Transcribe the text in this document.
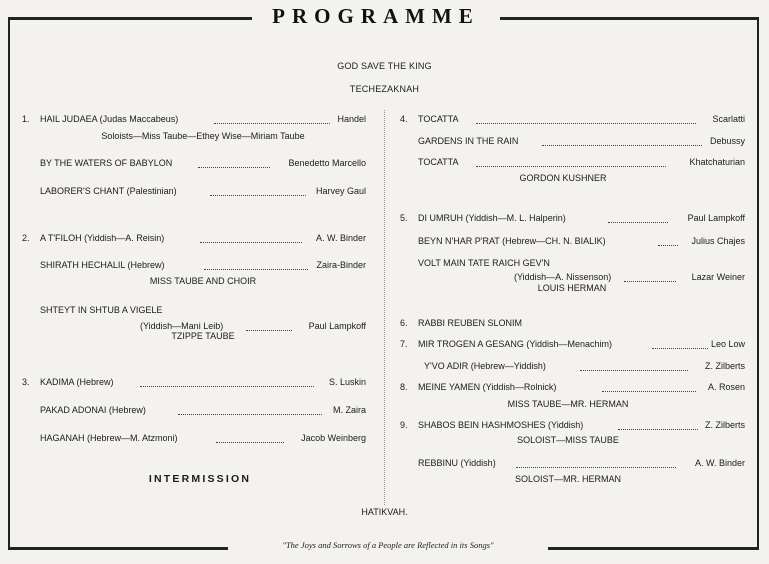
PROGRAMME
GOD SAVE THE KING
TECHEZAKNAH
1. HAIL JUDAEA (Judas Maccabeus)	Handel
Soloists—Miss Taube—Ethey Wise—Miriam Taube
BY THE WATERS OF BABYLON	Benedetto Marcello
LABORER'S CHANT (Palestinian)	Harvey Gaul
2. A T'FILOH (Yiddish—A. Reisin)	A. W. Binder
SHIRATH HECHALIL (Hebrew)	Zaira-Binder
MISS TAUBE AND CHOIR
SHTEYT IN SHTUB A VIGELE
(Yiddish—Mani Leib)	Paul Lampkoff
TZIPPE TAUBE
3. KADIMA (Hebrew)	S. Luskin
PAKAD ADONAI (Hebrew)	M. Zaira
HAGANAH (Hebrew—M. Atzmoni)	Jacob Weinberg
INTERMISSION
4. TOCATTA	Scarlatti
GARDENS IN THE RAIN	Debussy
TOCATTA	Khatchaturian
GORDON KUSHNER
5. DI UMRUH (Yiddish—M. L. Halperin)	Paul Lampkoff
BEYN N'HAR P'RAT (Hebrew—CH. N. BIALIK)	Julius Chajes
VOLT MAIN TATE RAICH GEV'N
(Yiddish—A. Nissenson)	Lazar Weiner
LOUIS HERMAN
6. RABBI REUBEN SLONIM
7. MIR TROGEN A GESANG (Yiddish—Menachim)	Leo Low
Y'VO ADIR (Hebrew—Yiddish)	Z. Zilberts
8. MEINE YAMEN (Yiddish—Rolnick)	A. Rosen
MISS TAUBE—MR. HERMAN
9. SHABOS BEIN HASHMOSHES (Yiddish)	Z. Zilberts
SOLOIST—MISS TAUBE
REBBINU (Yiddish)	A. W. Binder
SOLOIST—MR. HERMAN
HATIKVAH.
"The Joys and Sorrows of a People are Reflected in its Songs"
